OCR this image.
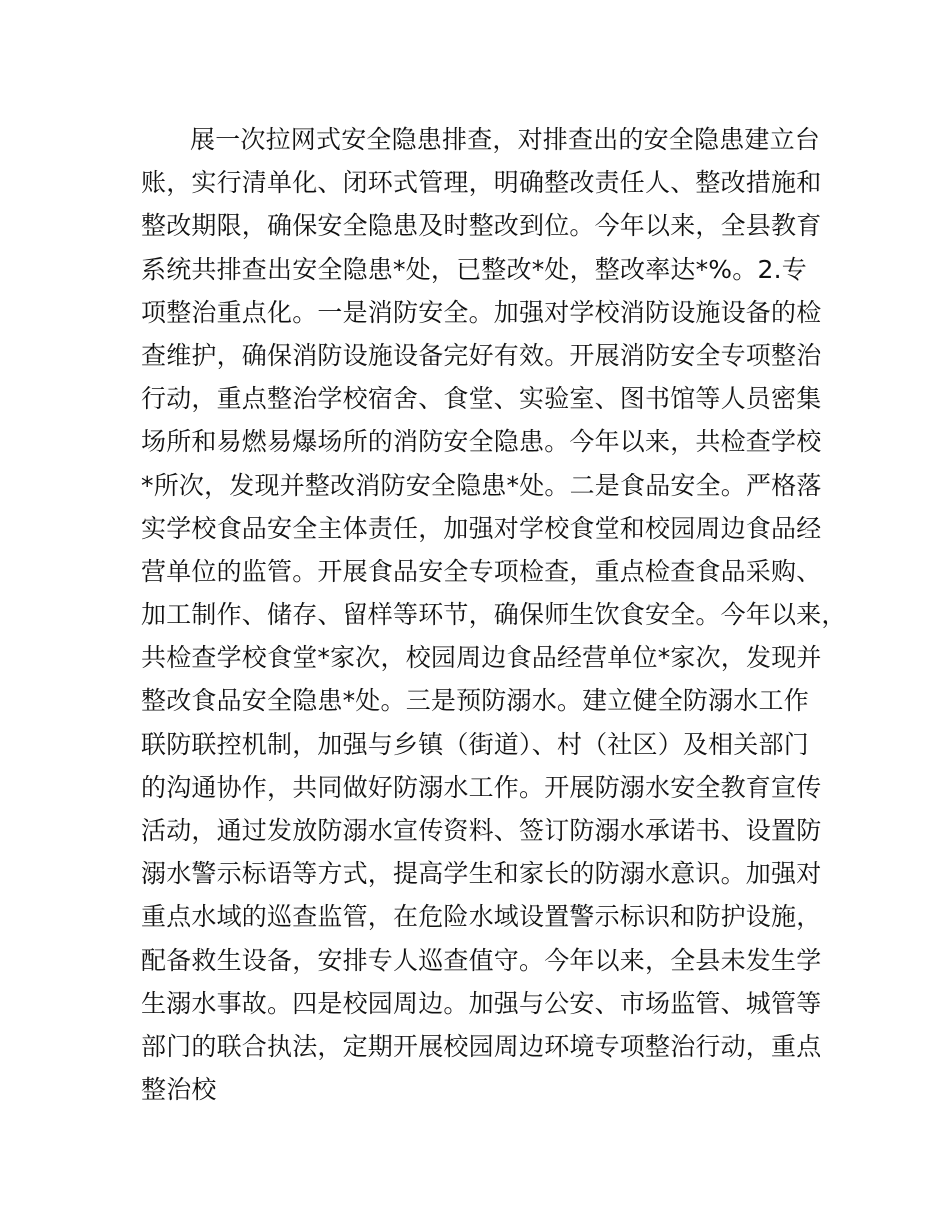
展一次拉网式安全隐患排查，对排查出的安全隐患建立台
账，实行清单化、闭环式管理，明确整改责任人、整改措施和
整改期限，确保安全隐患及时整改到位。今年以来，全县教育
系统共排查出安全隐患*处，已整改*处，整改率达*%。2.专
项整治重点化。一是消防安全。加强对学校消防设施设备的检
查维护，确保消防设施设备完好有效。开展消防安全专项整治
行动，重点整治学校宿舍、食堂、实验室、图书馆等人员密集
场所和易燃易爆场所的消防安全隐患。今年以来，共检查学校
*所次，发现并整改消防安全隐患*处。二是食品安全。严格落
实学校食品安全主体责任，加强对学校食堂和校园周边食品经
营单位的监管。开展食品安全专项检查，重点检查食品采购、
加工制作、储存、留样等环节，确保师生饮食安全。今年以来，
共检查学校食堂*家次，校园周边食品经营单位*家次，发现并
整改食品安全隐患*处。三是预防溺水。建立健全防溺水工作
联防联控机制，加强与乡镇（街道）、村（社区）及相关部门
的沟通协作，共同做好防溺水工作。开展防溺水安全教育宣传
活动，通过发放防溺水宣传资料、签订防溺水承诺书、设置防
溺水警示标语等方式，提高学生和家长的防溺水意识。加强对
重点水域的巡查监管，在危险水域设置警示标识和防护设施，
配备救生设备，安排专人巡查值守。今年以来，全县未发生学
生溺水事故。四是校园周边。加强与公安、市场监管、城管等
部门的联合执法，定期开展校园周边环境专项整治行动，重点
整治校
